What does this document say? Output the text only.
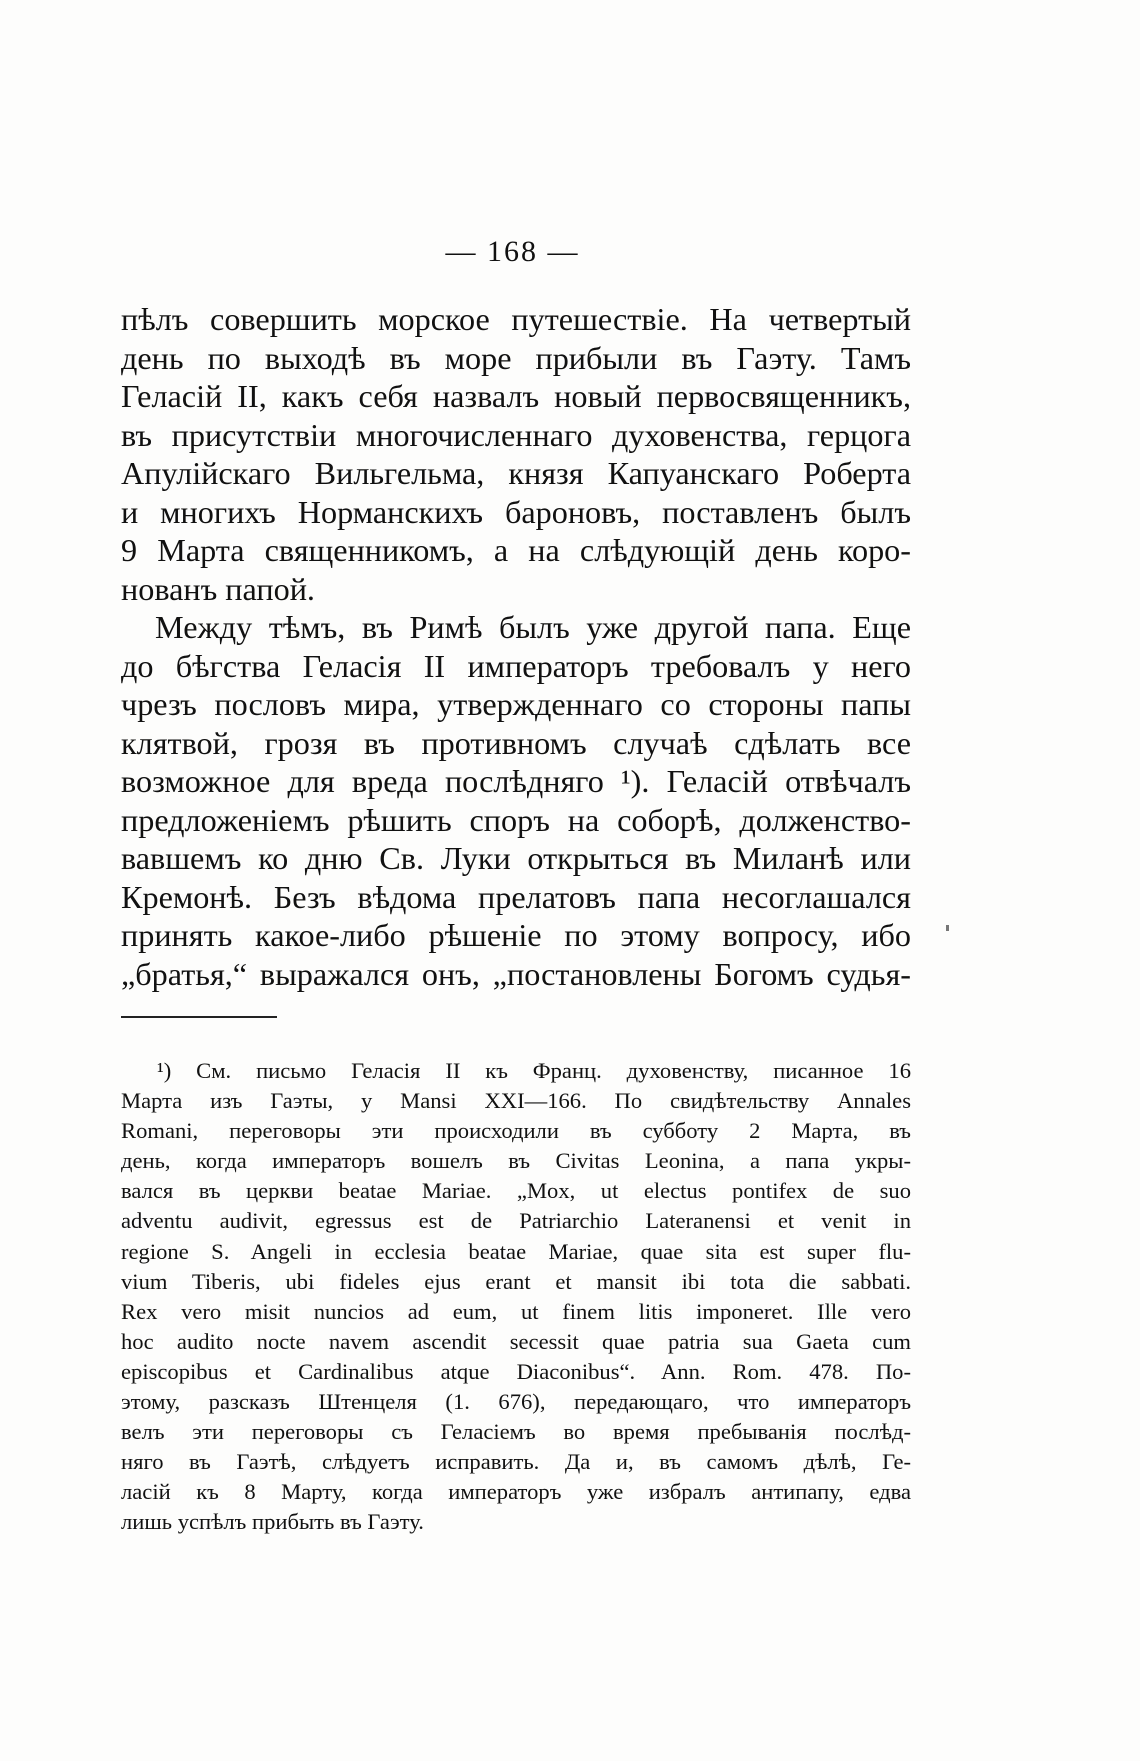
— 168 —
пѣлъ совершить морское путешествіе. На четвертый
день по выходѣ въ море прибыли въ Гаэту. Тамъ
Геласій II, какъ себя назвалъ новый первосвященникъ,
въ присутствіи многочисленнаго духовенства, герцога
Апулійскаго Вильгельма, князя Капуанскаго Роберта
и многихъ Норманскихъ бароновъ, поставленъ былъ
9 Марта священникомъ, а на слѣдующій день коро-
нованъ папой.
Между тѣмъ, въ Римѣ былъ уже другой папа. Еще
до бѣгства Геласія II императоръ требовалъ у него
чрезъ пословъ мира, утвержденнаго со стороны папы
клятвой, грозя въ противномъ случаѣ сдѣлать все
возможное для вреда послѣдняго ¹). Геласій отвѣчалъ
предложеніемъ рѣшить споръ на соборѣ, долженство-
вавшемъ ко дню Св. Луки открыться въ Миланѣ или
Кремонѣ. Безъ вѣдома прелатовъ папа несоглашался
принять какое-либо рѣшеніе по этому вопросу, ибо
„братья,“ выражался онъ, „постановлены Богомъ судья-
¹) См. письмо Геласія II къ Франц. духовенству, писанное 16
Марта изъ Гаэты, у Mansi XXI—166. По свидѣтельству Annales
Romani, переговоры эти происходили въ субботу 2 Марта, въ
день, когда императоръ вошелъ въ Civitas Leonina, а папа укры-
вался въ церкви beatae Mariae. „Mox, ut electus pontifex de suo
adventu audivit, egressus est de Patriarchio Lateranensi et venit in
regione S. Angeli in ecclesia beatae Mariae, quae sita est super flu-
vium Tiberis, ubi fideles ejus erant et mansit ibi tota die sabbati.
Rex vero misit nuncios ad eum, ut finem litis imponeret. Ille vero
hoc audito nocte navem ascendit secessit quae patria sua Gaeta cum
episcopibus et Cardinalibus atque Diaconibus“. Ann. Rom. 478. По-
этому, разсказъ Штенцеля (1. 676), передающаго, что императоръ
велъ эти переговоры съ Геласіемъ во время пребыванія послѣд-
няго въ Гаэтѣ, слѣдуетъ исправить. Да и, въ самомъ дѣлѣ, Ге-
ласій къ 8 Марту, когда императоръ уже избралъ антипапу, едва
лишь успѣлъ прибыть въ Гаэту.
